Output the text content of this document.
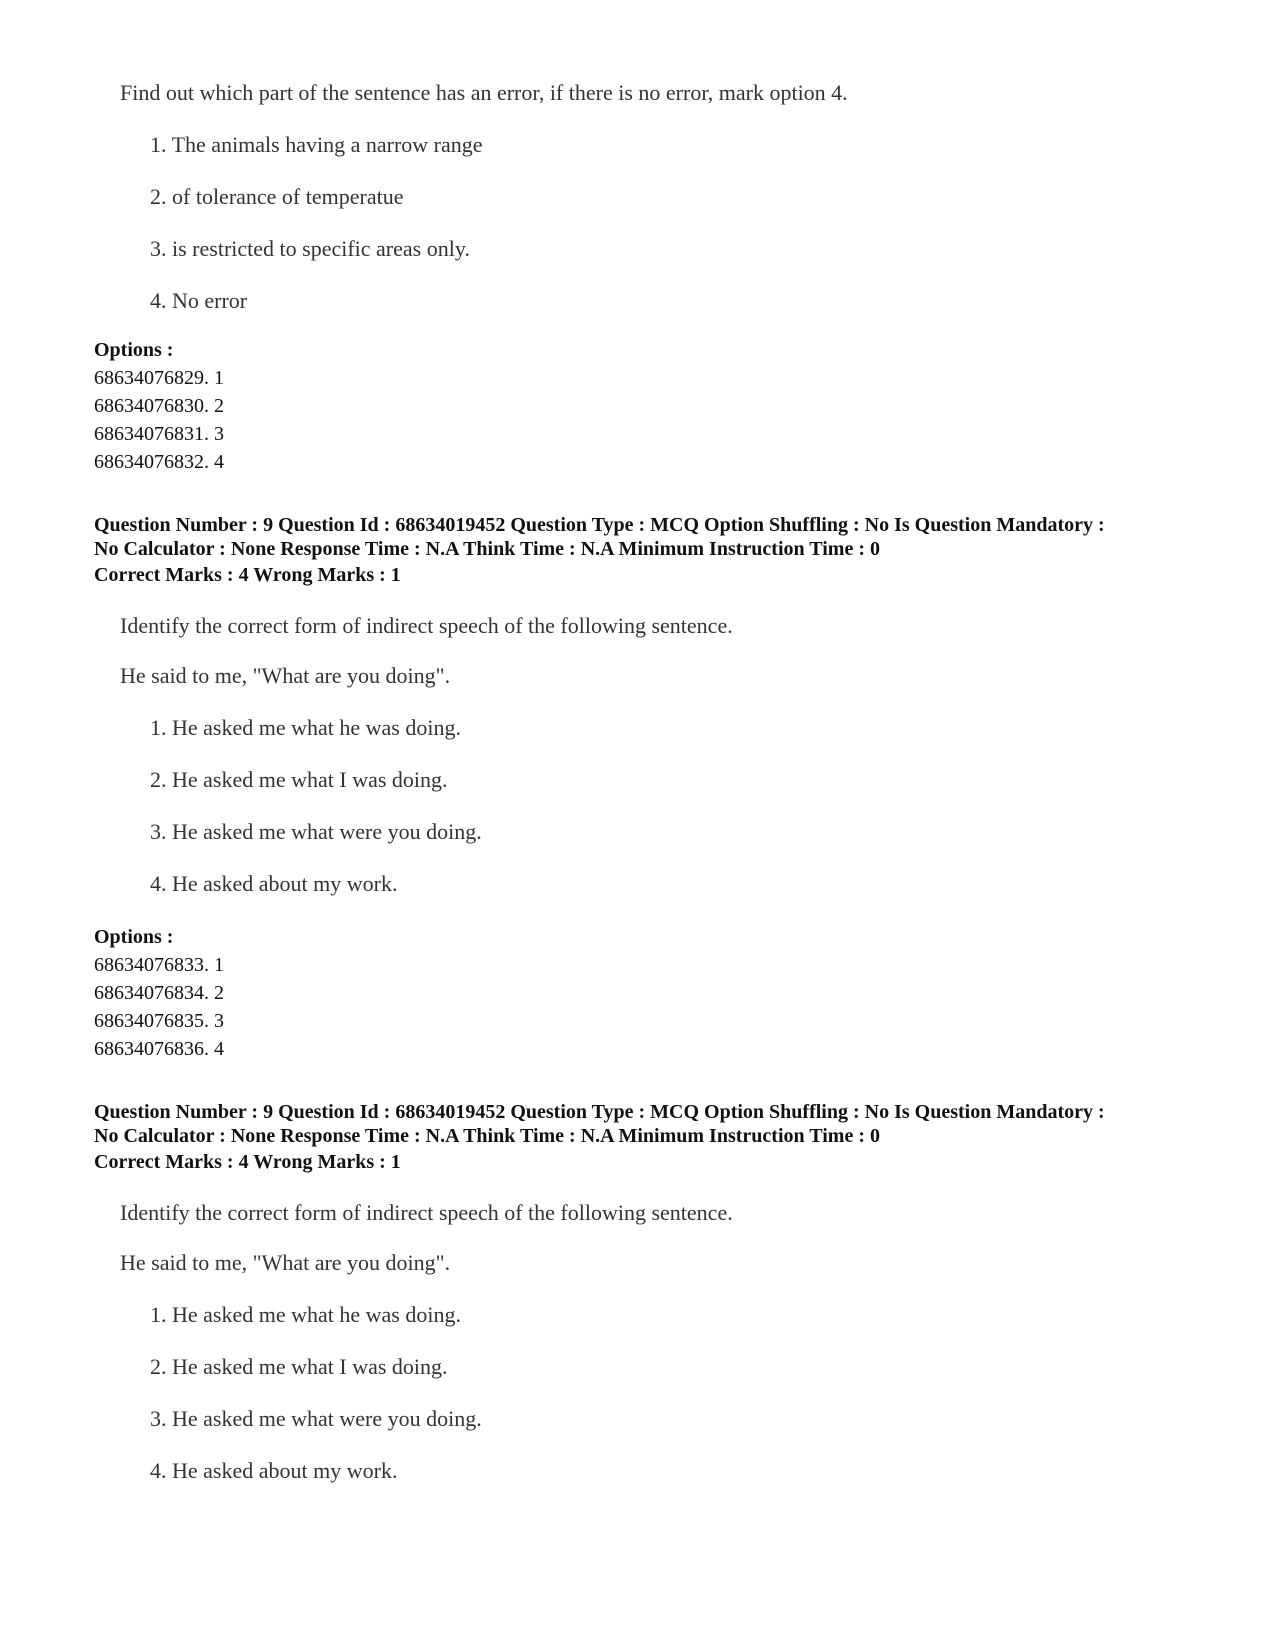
Find out which part of the sentence has an error, if there is no error, mark option 4.
1. The animals having a narrow range
2. of tolerance of temperatue
3. is restricted to specific areas only.
4. No error
Options :
68634076829. 1
68634076830. 2
68634076831. 3
68634076832. 4
Question Number : 9 Question Id : 68634019452 Question Type : MCQ Option Shuffling : No Is Question Mandatory :
No Calculator : None Response Time : N.A Think Time : N.A Minimum Instruction Time : 0
Correct Marks : 4 Wrong Marks : 1
Identify the correct form of indirect speech of the following sentence.
He said to me, "What are you doing".
1. He asked me what he was doing.
2. He asked me what I was doing.
3. He asked me what were you doing.
4. He asked about my work.
Options :
68634076833. 1
68634076834. 2
68634076835. 3
68634076836. 4
Question Number : 9 Question Id : 68634019452 Question Type : MCQ Option Shuffling : No Is Question Mandatory :
No Calculator : None Response Time : N.A Think Time : N.A Minimum Instruction Time : 0
Correct Marks : 4 Wrong Marks : 1
Identify the correct form of indirect speech of the following sentence.
He said to me, "What are you doing".
1. He asked me what he was doing.
2. He asked me what I was doing.
3. He asked me what were you doing.
4. He asked about my work.
